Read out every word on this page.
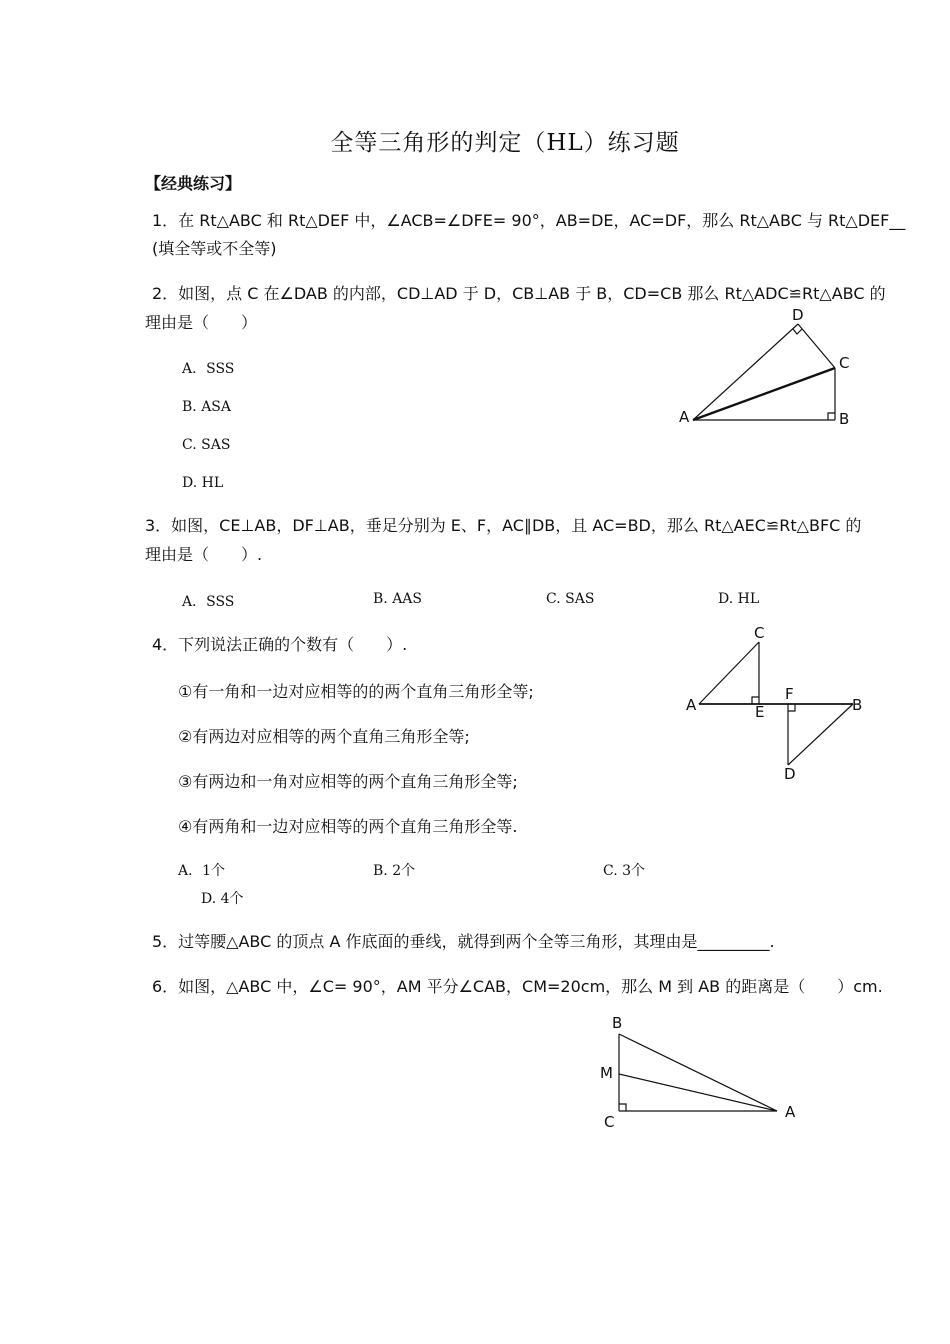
全等三角形的判定（HL）练习题
【经典练习】
1．在 Rt△ABC 和 Rt△DEF 中，∠ACB=∠DFE= 90°，AB=DE，AC=DF，那么 Rt△ABC 与 Rt△DEF__
(填全等或不全等)
2．如图，点 C 在∠DAB 的内部，CD⊥AD 于 D，CB⊥AB 于 B，CD=CB 那么 Rt△ADC≌Rt△ABC 的
理由是（　　）
A．SSS
B. ASA
C. SAS
D. HL
A	B
C
D
3．如图，CE⊥AB，DF⊥AB，垂足分别为 E、F，AC∥DB，且 AC=BD，那么 Rt△AEC≌Rt△BFC 的
理由是（　　）.
A．SSS	B. AAS	C. SAS	D. HL
4．下列说法正确的个数有（　　）.
①有一角和一边对应相等的的两个直角三角形全等;
②有两边对应相等的两个直角三角形全等;
③有两边和一角对应相等的两个直角三角形全等;
④有两角和一边对应相等的两个直角三角形全等.
A．1个	B. 2个	C. 3个
D. 4个
A	B
C
D
E
F
5．过等腰△ABC 的顶点 A 作底面的垂线，就得到两个全等三角形，其理由是_________.
6．如图，△ABC 中，∠C= 90°，AM 平分∠CAB，CM=20cm，那么 M 到 AB 的距离是（　　）cm.
B
M
C
A
